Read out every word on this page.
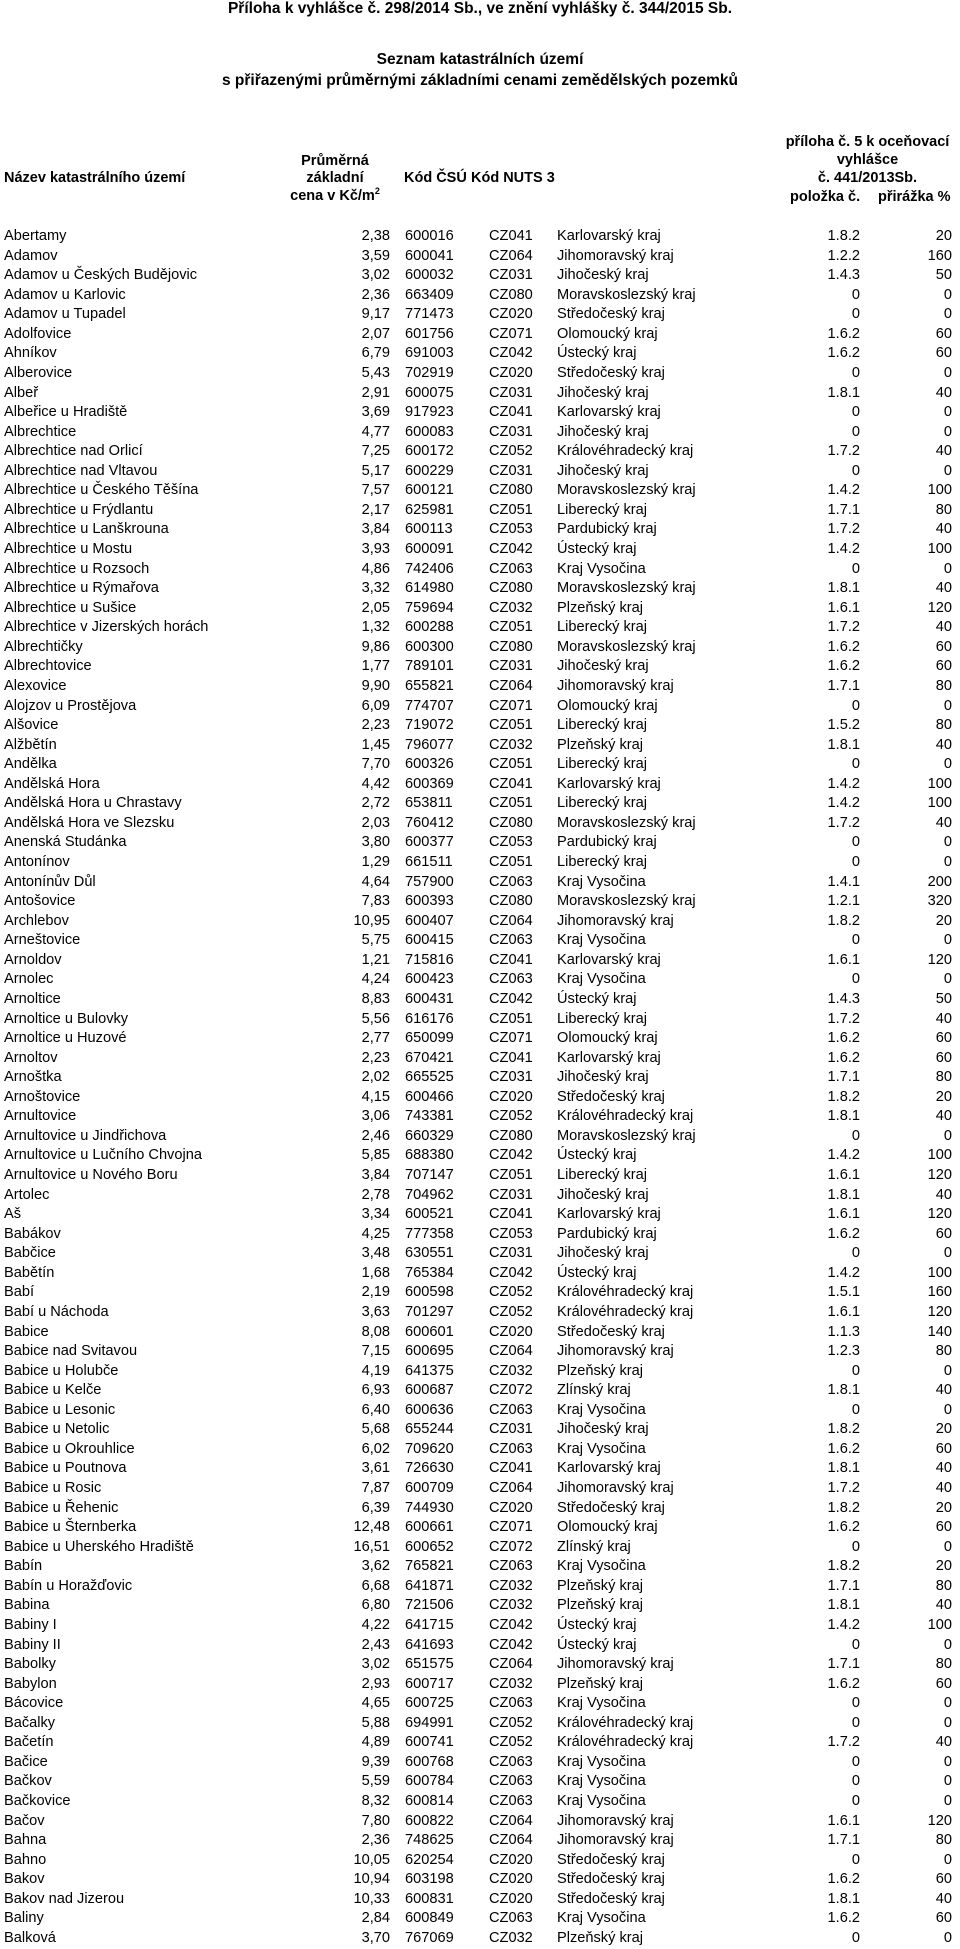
Příloha k vyhlášce č. 298/2014 Sb., ve znění vyhlášky č. 344/2015 Sb.
Seznam katastrálních území
s přiřazenými průměrnými základními cenami zemědělských pozemků
Název katastrálního území
Průměrná
základní
cena v $Kč/m^2$
Kód ČSÚ Kód NUTS 3
příloha č. 5 k oceňovací
vyhlášce
č. 441/2013Sb.
položka č. přirážka %
Abertamy	2,38 600016 CZ041 Karlovarský kraj	1.8.2	20
Adamov	3,59 600041 CZ064 Jihomoravský kraj	1.2.2	160
Adamov u Českých Budějovic	3,02 600032 CZ031 Jihočeský kraj	1.4.3	50
Adamov u Karlovic	2,36 663409 CZ080 Moravskoslezský kraj	0	0
Adamov u Tupadel	9,17 771473 CZ020 Středočeský kraj	0	0
Adolfovice	2,07 601756 CZ071 Olomoucký kraj	1.6.2	60
Ahníkov	6,79 691003 CZ042 Ústecký kraj	1.6.2	60
Alberovice	5,43 702919 CZ020 Středočeský kraj	0	0
Albeř	2,91 600075 CZ031 Jihočeský kraj	1.8.1	40
Albeřice u Hradiště	3,69 917923 CZ041 Karlovarský kraj	0	0
Albrechtice	4,77 600083 CZ031 Jihočeský kraj	0	0
Albrechtice nad Orlicí	7,25 600172 CZ052 Královéhradecký kraj	1.7.2	40
Albrechtice nad Vltavou	5,17 600229 CZ031 Jihočeský kraj	0	0
Albrechtice u Českého Těšína	7,57 600121 CZ080 Moravskoslezský kraj	1.4.2	100
Albrechtice u Frýdlantu	2,17 625981 CZ051 Liberecký kraj	1.7.1	80
Albrechtice u Lanškrouna	3,84 600113 CZ053 Pardubický kraj	1.7.2	40
Albrechtice u Mostu	3,93 600091 CZ042 Ústecký kraj	1.4.2	100
Albrechtice u Rozsoch	4,86 742406 CZ063 Kraj Vysočina	0	0
Albrechtice u Rýmařova	3,32 614980 CZ080 Moravskoslezský kraj	1.8.1	40
Albrechtice u Sušice	2,05 759694 CZ032 Plzeňský kraj	1.6.1	120
Albrechtice v Jizerských horách	1,32 600288 CZ051 Liberecký kraj	1.7.2	40
Albrechtičky	9,86 600300 CZ080 Moravskoslezský kraj	1.6.2	60
Albrechtovice	1,77 789101 CZ031 Jihočeský kraj	1.6.2	60
Alexovice	9,90 655821 CZ064 Jihomoravský kraj	1.7.1	80
Alojzov u Prostějova	6,09 774707 CZ071 Olomoucký kraj	0	0
Alšovice	2,23 719072 CZ051 Liberecký kraj	1.5.2	80
Alžbětín	1,45 796077 CZ032 Plzeňský kraj	1.8.1	40
Andělka	7,70 600326 CZ051 Liberecký kraj	0	0
Andělská Hora	4,42 600369 CZ041 Karlovarský kraj	1.4.2	100
Andělská Hora u Chrastavy	2,72 653811 CZ051 Liberecký kraj	1.4.2	100
Andělská Hora ve Slezsku	2,03 760412 CZ080 Moravskoslezský kraj	1.7.2	40
Anenská Studánka	3,80 600377 CZ053 Pardubický kraj	0	0
Antonínov	1,29 661511 CZ051 Liberecký kraj	0	0
Antonínův Důl	4,64 757900 CZ063 Kraj Vysočina	1.4.1	200
Antošovice	7,83 600393 CZ080 Moravskoslezský kraj	1.2.1	320
Archlebov	10,95 600407 CZ064 Jihomoravský kraj	1.8.2	20
Arneštovice	5,75 600415 CZ063 Kraj Vysočina	0	0
Arnoldov	1,21 715816 CZ041 Karlovarský kraj	1.6.1	120
Arnolec	4,24 600423 CZ063 Kraj Vysočina	0	0
Arnoltice	8,83 600431 CZ042 Ústecký kraj	1.4.3	50
Arnoltice u Bulovky	5,56 616176 CZ051 Liberecký kraj	1.7.2	40
Arnoltice u Huzové	2,77 650099 CZ071 Olomoucký kraj	1.6.2	60
Arnoltov	2,23 670421 CZ041 Karlovarský kraj	1.6.2	60
Arnoštka	2,02 665525 CZ031 Jihočeský kraj	1.7.1	80
Arnoštovice	4,15 600466 CZ020 Středočeský kraj	1.8.2	20
Arnultovice	3,06 743381 CZ052 Královéhradecký kraj	1.8.1	40
Arnultovice u Jindřichova	2,46 660329 CZ080 Moravskoslezský kraj	0	0
Arnultovice u Lučního Chvojna	5,85 688380 CZ042 Ústecký kraj	1.4.2	100
Arnultovice u Nového Boru	3,84 707147 CZ051 Liberecký kraj	1.6.1	120
Artolec	2,78 704962 CZ031 Jihočeský kraj	1.8.1	40
Aš	3,34 600521 CZ041 Karlovarský kraj	1.6.1	120
Babákov	4,25 777358 CZ053 Pardubický kraj	1.6.2	60
Babčice	3,48 630551 CZ031 Jihočeský kraj	0	0
Babětín	1,68 765384 CZ042 Ústecký kraj	1.4.2	100
Babí	2,19 600598 CZ052 Královéhradecký kraj	1.5.1	160
Babí u Náchoda	3,63 701297 CZ052 Královéhradecký kraj	1.6.1	120
Babice	8,08 600601 CZ020 Středočeský kraj	1.1.3	140
Babice nad Svitavou	7,15 600695 CZ064 Jihomoravský kraj	1.2.3	80
Babice u Holubče	4,19 641375 CZ032 Plzeňský kraj	0	0
Babice u Kelče	6,93 600687 CZ072 Zlínský kraj	1.8.1	40
Babice u Lesonic	6,40 600636 CZ063 Kraj Vysočina	0	0
Babice u Netolic	5,68 655244 CZ031 Jihočeský kraj	1.8.2	20
Babice u Okrouhlice	6,02 709620 CZ063 Kraj Vysočina	1.6.2	60
Babice u Poutnova	3,61 726630 CZ041 Karlovarský kraj	1.8.1	40
Babice u Rosic	7,87 600709 CZ064 Jihomoravský kraj	1.7.2	40
Babice u Řehenic	6,39 744930 CZ020 Středočeský kraj	1.8.2	20
Babice u Šternberka	12,48 600661 CZ071 Olomoucký kraj	1.6.2	60
Babice u Uherského Hradiště	16,51 600652 CZ072 Zlínský kraj	0	0
Babín	3,62 765821 CZ063 Kraj Vysočina	1.8.2	20
Babín u Horažďovic	6,68 641871 CZ032 Plzeňský kraj	1.7.1	80
Babina	6,80 721506 CZ032 Plzeňský kraj	1.8.1	40
Babiny I	4,22 641715 CZ042 Ústecký kraj	1.4.2	100
Babiny II	2,43 641693 CZ042 Ústecký kraj	0	0
Babolky	3,02 651575 CZ064 Jihomoravský kraj	1.7.1	80
Babylon	2,93 600717 CZ032 Plzeňský kraj	1.6.2	60
Bácovice	4,65 600725 CZ063 Kraj Vysočina	0	0
Bačalky	5,88 694991 CZ052 Královéhradecký kraj	0	0
Bačetín	4,89 600741 CZ052 Královéhradecký kraj	1.7.2	40
Bačice	9,39 600768 CZ063 Kraj Vysočina	0	0
Bačkov	5,59 600784 CZ063 Kraj Vysočina	0	0
Bačkovice	8,32 600814 CZ063 Kraj Vysočina	0	0
Bačov	7,80 600822 CZ064 Jihomoravský kraj	1.6.1	120
Bahna	2,36 748625 CZ064 Jihomoravský kraj	1.7.1	80
Bahno	10,05 620254 CZ020 Středočeský kraj	0	0
Bakov	10,94 603198 CZ020 Středočeský kraj	1.6.2	60
Bakov nad Jizerou	10,33 600831 CZ020 Středočeský kraj	1.8.1	40
Baliny	2,84 600849 CZ063 Kraj Vysočina	1.6.2	60
Balková	3,70 767069 CZ032 Plzeňský kraj	0	0
